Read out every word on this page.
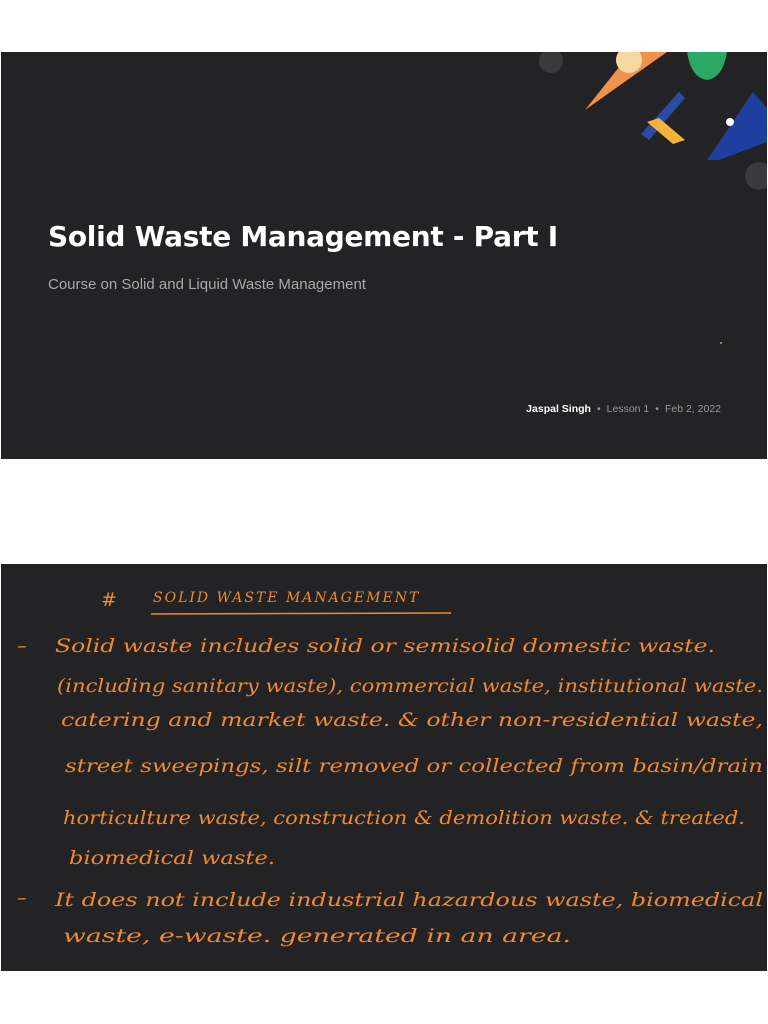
Solid Waste Management - Part I
Course on Solid and Liquid Waste Management
Jaspal Singh • Lesson 1 • Feb 2, 2022
#	SOLID WASTE MANAGEMENT
– Solid waste includes solid or semisolid domestic waste.
(including sanitary waste), commercial waste, institutional waste.
catering and market waste. & other non-residential waste,
street sweepings, silt removed or collected from basin/drain
horticulture waste, construction & demolition waste. & treated.
biomedical waste.
– It does not include industrial hazardous waste, biomedical
waste, e-waste. generated in an area.
